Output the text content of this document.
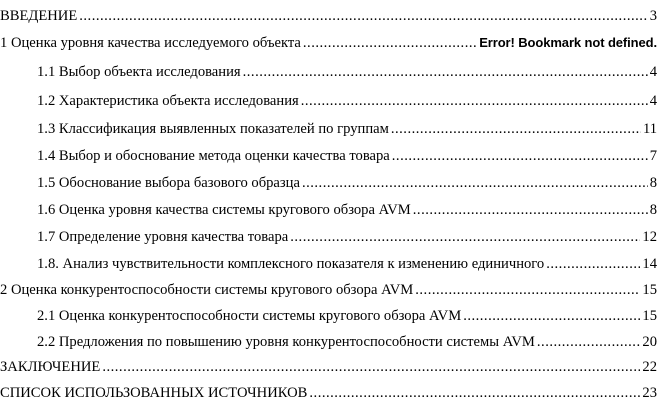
ВВЕДЕНИЕ .....	3
1 Оценка уровня качества исследуемого объекта .....	Error! Bookmark not defined.
1.1 Выбор объекта исследования .....	4
1.2 Характеристика объекта исследования .....	4
1.3 Классификация выявленных показателей по группам .....	11
1.4 Выбор и обоснование метода оценки качества товара .....	7
1.5 Обоснование выбора базового образца .....	8
1.6 Оценка уровня качества системы кругового обзора AVM .....	8
1.7 Определение уровня качества товара .....	12
1.8. Анализ чувствительности комплексного показателя к изменению единичного .....	14
2 Оценка конкурентоспособности системы кругового обзора AVM .....	15
2.1 Оценка конкурентоспособности системы кругового обзора AVM .....	15
2.2 Предложения по повышению уровня конкурентоспособности системы AVM .....	20
ЗАКЛЮЧЕНИЕ .....	22
СПИСОК ИСПОЛЬЗОВАННЫХ ИСТОЧНИКОВ .....	23
